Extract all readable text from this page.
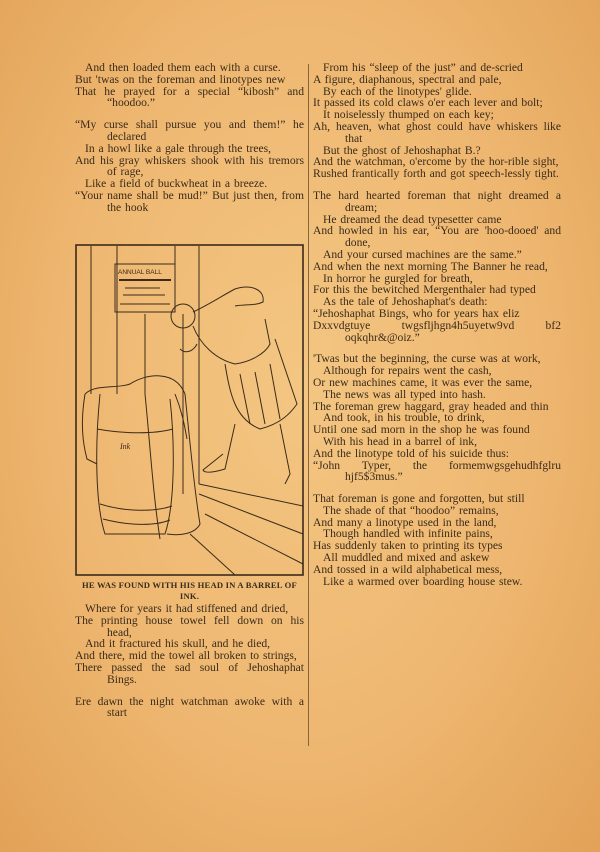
And then loaded them each with a curse.
But 'twas on the foreman and linotypes new
That he prayed for a special “kibosh” and “hoodoo.”
“My curse shall pursue you and them!” he declared
In a howl like a gale through the trees,
And his gray whiskers shook with his tremors of rage,
Like a field of buckwheat in a breeze.
“Your name shall be mud!” But just then, from the hook
ANNUAL BALL
Ink
HE WAS FOUND WITH HIS HEAD IN A BARREL OF INK.
Where for years it had stiffened and dried,
The printing house towel fell down on his head,
And it fractured his skull, and he died,
And there, mid the towel all broken to strings,
There passed the sad soul of Jehoshaphat Bings.
Ere dawn the night watchman awoke with a start
From his “sleep of the just” and de-scried
A figure, diaphanous, spectral and pale,
By each of the linotypes' glide.
It passed its cold claws o'er each lever and bolt;
It noiselessly thumped on each key;
Ah, heaven, what ghost could have whiskers like that
But the ghost of Jehoshaphat B.?
And the watchman, o'ercome by the hor-rible sight,
Rushed frantically forth and got speech-lessly tight.
The hard hearted foreman that night dreamed a dream;
He dreamed the dead typesetter came
And howled in his ear, “You are 'hoo-dooed' and done,
And your cursed machines are the same.”
And when the next morning The Banner he read,
In horror he gurgled for breath,
For this the bewitched Mergenthaler had typed
As the tale of Jehoshaphat's death:
“Jehoshaphat Bings, who for years hax eliz
Dxxvdgtuye twgsfljhgn4h5uyetw9vd bf2 oqkqhr&@oiz.”
'Twas but the beginning, the curse was at work,
Although for repairs went the cash,
Or new machines came, it was ever the same,
The news was all typed into hash.
The foreman grew haggard, gray headed and thin
And took, in his trouble, to drink,
Until one sad morn in the shop he was found
With his head in a barrel of ink,
And the linotype told of his suicide thus:
“John Typer, the formemwgsgehudhfglru hjf5$3mus.”
That foreman is gone and forgotten, but still
The shade of that “hoodoo” remains,
And many a linotype used in the land,
Though handled with infinite pains,
Has suddenly taken to printing its types
All muddled and mixed and askew
And tossed in a wild alphabetical mess,
Like a warmed over boarding house stew.
